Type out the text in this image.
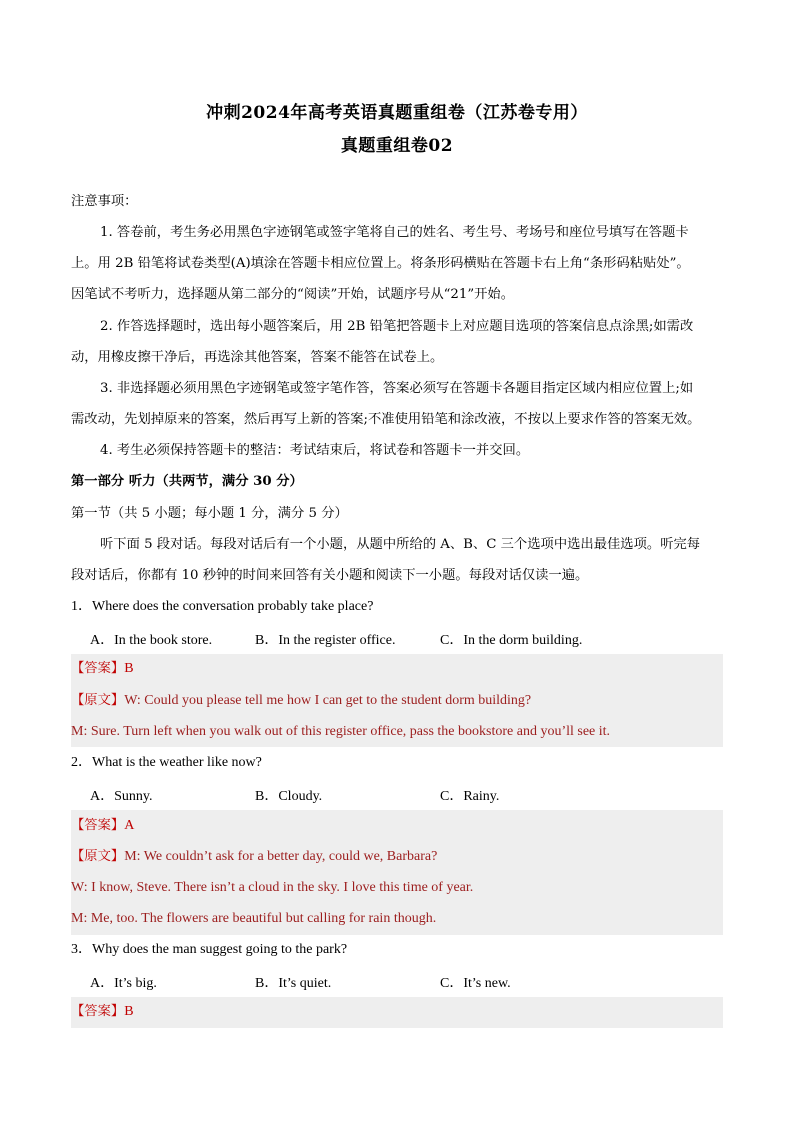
冲刺2024年高考英语真题重组卷（江苏卷专用）
真题重组卷02
注意事项：
1. 答卷前，考生务必用黑色字迹钢笔或签字笔将自己的姓名、考生号、考场号和座位号填写在答题卡
上。用 2B 铅笔将试卷类型(A)填涂在答题卡相应位置上。将条形码横贴在答题卡右上角“条形码粘贴处”。
因笔试不考听力，选择题从第二部分的“阅读”开始，试题序号从“21”开始。
2. 作答选择题时，选出每小题答案后，用 2B 铅笔把答题卡上对应题目选项的答案信息点涂黑;如需改
动，用橡皮擦干净后，再选涂其他答案，答案不能答在试卷上。
3. 非选择题必须用黑色字迹钢笔或签字笔作答，答案必须写在答题卡各题目指定区域内相应位置上;如
需改动，先划掉原来的答案，然后再写上新的答案;不准使用铅笔和涂改液，不按以上要求作答的答案无效。
4. 考生必须保持答题卡的整洁：考试结束后，将试卷和答题卡一并交回。
第一部分 听力（共两节，满分 30 分）
第一节（共 5 小题；每小题 1 分，满分 5 分）
听下面 5 段对话。每段对话后有一个小题，从题中所给的 A、B、C 三个选项中选出最佳选项。听完每
段对话后，你都有 10 秒钟的时间来回答有关小题和阅读下一小题。每段对话仅读一遍。
1．Where does the conversation probably take place?
A．In the book store.	B．In the register office.	C．In the dorm building.
【答案】B
【原文】W: Could you please tell me how I can get to the student dorm building?
M: Sure. Turn left when you walk out of this register office, pass the bookstore and you’ll see it.
2．What is the weather like now?
A．Sunny.	B．Cloudy.	C．Rainy.
【答案】A
【原文】M: We couldn’t ask for a better day, could we, Barbara?
W: I know, Steve. There isn’t a cloud in the sky. I love this time of year.
M: Me, too. The flowers are beautiful but calling for rain though.
3．Why does the man suggest going to the park?
A．It’s big.	B．It’s quiet.	C．It’s new.
【答案】B
